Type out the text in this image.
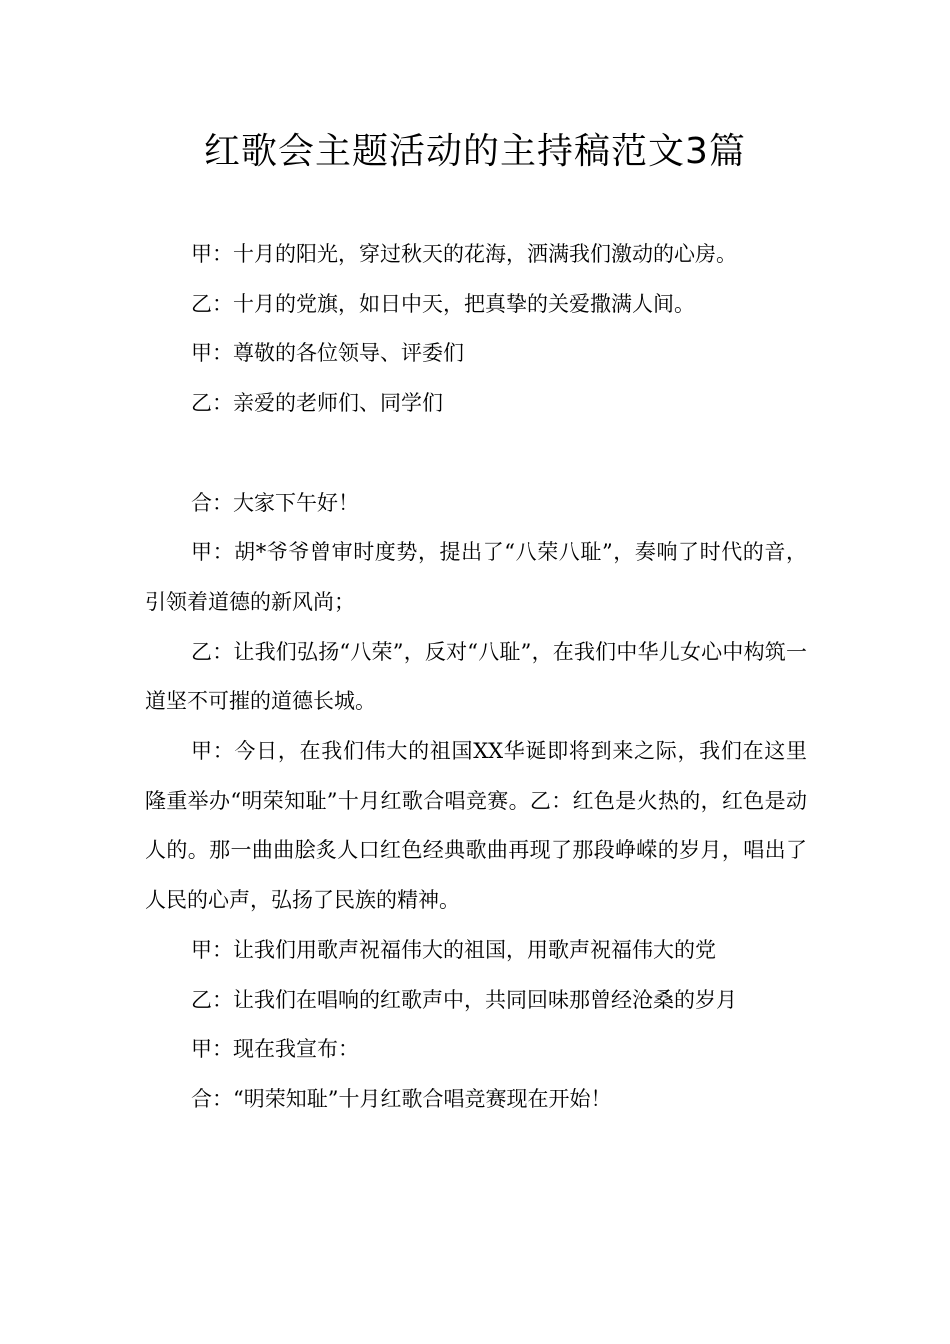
红歌会主题活动的主持稿范文3篇

甲：十月的阳光，穿过秋天的花海，洒满我们激动的心房。

乙：十月的党旗，如日中天，把真挚的关爱撒满人间。

甲：尊敬的各位领导、评委们

乙：亲爱的老师们、同学们

合：大家下午好！

甲：胡*爷爷曾审时度势，提出了“八荣八耻”，奏响了时代的音，引领着道德的新风尚；

乙：让我们弘扬“八荣”，反对“八耻”，在我们中华儿女心中构筑一道坚不可摧的道德长城。

甲：今日，在我们伟大的祖国XX华诞即将到来之际，我们在这里隆重举办“明荣知耻”十月红歌合唱竞赛。乙：红色是火热的，红色是动人的。那一曲曲脍炙人口红色经典歌曲再现了那段峥嵘的岁月，唱出了人民的心声，弘扬了民族的精神。

甲：让我们用歌声祝福伟大的祖国，用歌声祝福伟大的党

乙：让我们在唱响的红歌声中，共同回味那曾经沧桑的岁月

甲：现在我宣布：

合：“明荣知耻”十月红歌合唱竞赛现在开始！
